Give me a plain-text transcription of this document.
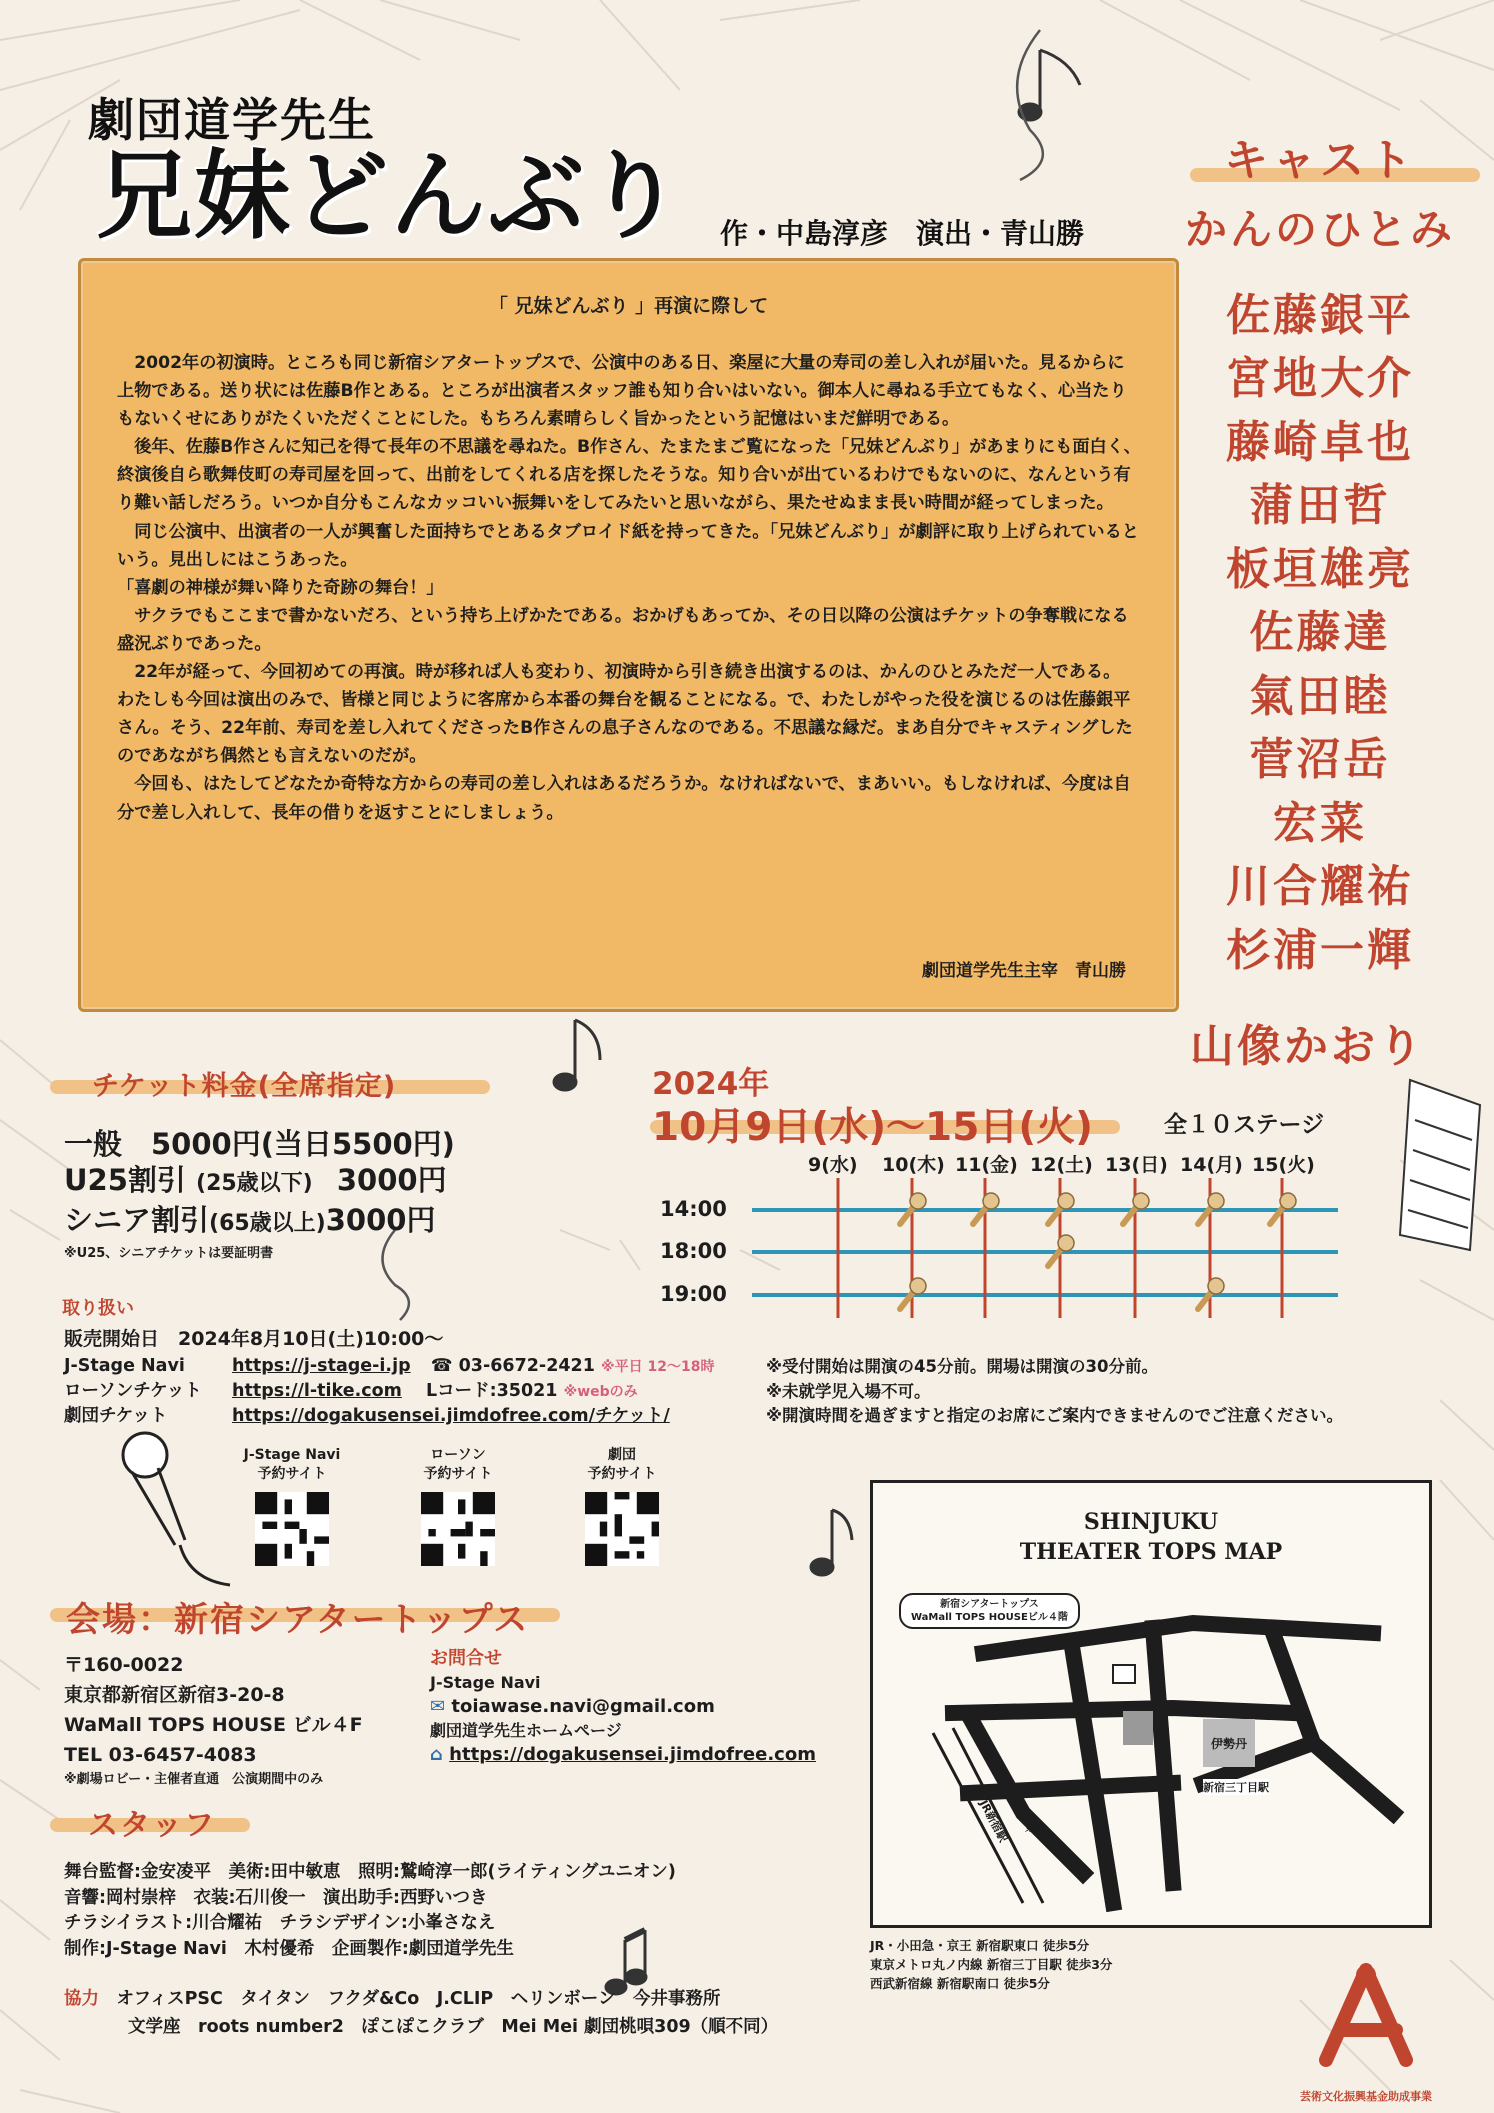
劇団道学先生
兄妹どんぶり 作・中島淳彦　演出・青山勝
「 兄妹どんぶり 」再演に際して

2002年の初演時。ところも同じ新宿シアタートップスで、公演中のある日、楽屋に大量の寿司の差し入れが届いた。見るからに上物である。送り状には佐藤B作とある。ところが出演者スタッフ誰も知り合いはいない。御本人に尋ねる手立てもなく、心当たりもないくせにありがたくいただくことにした。もちろん素晴らしく旨かったという記憶はいまだ鮮明である。

後年、佐藤B作さんに知己を得て長年の不思議を尋ねた。B作さん、たまたまご覧になった「兄妹どんぶり」があまりにも面白く、終演後自ら歌舞伎町の寿司屋を回って、出前をしてくれる店を探したそうな。知り合いが出ているわけでもないのに、なんという有り難い話しだろう。いつか自分もこんなカッコいい振舞いをしてみたいと思いながら、果たせぬまま長い時間が経ってしまった。

同じ公演中、出演者の一人が興奮した面持ちでとあるタブロイド紙を持ってきた。「兄妹どんぶり」が劇評に取り上げられているという。見出しにはこうあった。

「喜劇の神様が舞い降りた奇跡の舞台！」

サクラでもここまで書かないだろ、という持ち上げかたである。おかげもあってか、その日以降の公演はチケットの争奪戦になる盛況ぶりであった。

22年が経って、今回初めての再演。時が移れば人も変わり、初演時から引き続き出演するのは、かんのひとみただ一人である。

わたしも今回は演出のみで、皆様と同じように客席から本番の舞台を観ることになる。で、わたしがやった役を演じるのは佐藤銀平さん。そう、22年前、寿司を差し入れてくださったB作さんの息子さんなのである。不思議な縁だ。まあ自分でキャスティングしたのであながち偶然とも言えないのだが。

今回も、はたしてどなたか奇特な方からの寿司の差し入れはあるだろうか。なければないで、まあいい。もしなければ、今度は自分で差し入れして、長年の借りを返すことにしましょう。

劇団道学先生主宰　青山勝
キャスト
かんのひとみ
佐藤銀平
宮地大介
藤崎卓也
蒲田哲
板垣雄亮
佐藤達
氣田睦
菅沼岳
宏菜
川合耀祐
杉浦一輝
山像かおり
チケット料金(全席指定)
一般　5000円(当日5500円)
U25割引 (25歳以下) 3000円
シニア割引(65歳以上)3000円
※U25、シニアチケットは要証明書
2024年
10月9日(水)〜15日(火)	全１０ステージ
9(水) 10(木) 11(金) 12(土) 13(日) 14(月) 15(火)
14:00
18:00
19:00
取り扱い
販売開始日　2024年8月10日(土)10:00〜
J-Stage Navi	https://j-stage-i.jp ☎ 03-6672-2421 ※平日 12〜18時
ローソンチケット https://l-tike.com Lコード:35021 ※webのみ
劇団チケット	https://dogakusensei.jimdofree.com/チケット/
※受付開始は開演の45分前。開場は開演の30分前。
※未就学児入場不可。
※開演時間を過ぎますと指定のお席にご案内できませんのでご注意ください。
J-Stage Navi
予約サイト
ローソン
予約サイト
劇団
予約サイト
会場：新宿シアタートップス
〒160-0022
東京都新宿区新宿3-20-8
WaMall TOPS HOUSE ビル４F
TEL 03-6457-4083
※劇場ロビー・主催者直通　公演期間中のみ
お問合せ
J-Stage Navi
✉ toiawase.navi@gmail.com
劇団道学先生ホームページ
⌂ https://dogakusensei.jimdofree.com
スタッフ
舞台監督:金安凌平　美術:田中敏恵　照明:鷲崎淳一郎(ライティングユニオン)
音響:岡村崇梓　衣装:石川俊一　演出助手:西野いつき
チラシイラスト:川合耀祐　チラシデザイン:小峯さなえ
制作:J-Stage Navi　木村優希　企画製作:劇団道学先生
協力　 オフィスPSC　タイタン　フクダ&Co　J.CLIP　ヘリンボーン　今井事務所
文学座　roots number2　ぽこぽこクラブ　Mei Mei 劇団桃唄309（順不同）
SHINJUKU
THEATER TOPS MAP
新宿シアタートップス
WaMall TOPS HOUSEビル４階
伊勢丹
新宿三丁目駅
JR新宿駅 東口
JR・小田急・京王 新宿駅東口 徒歩5分
東京メトロ丸ノ内線 新宿三丁目駅 徒歩3分
西武新宿線 新宿駅南口 徒歩5分
芸術文化振興基金助成事業
